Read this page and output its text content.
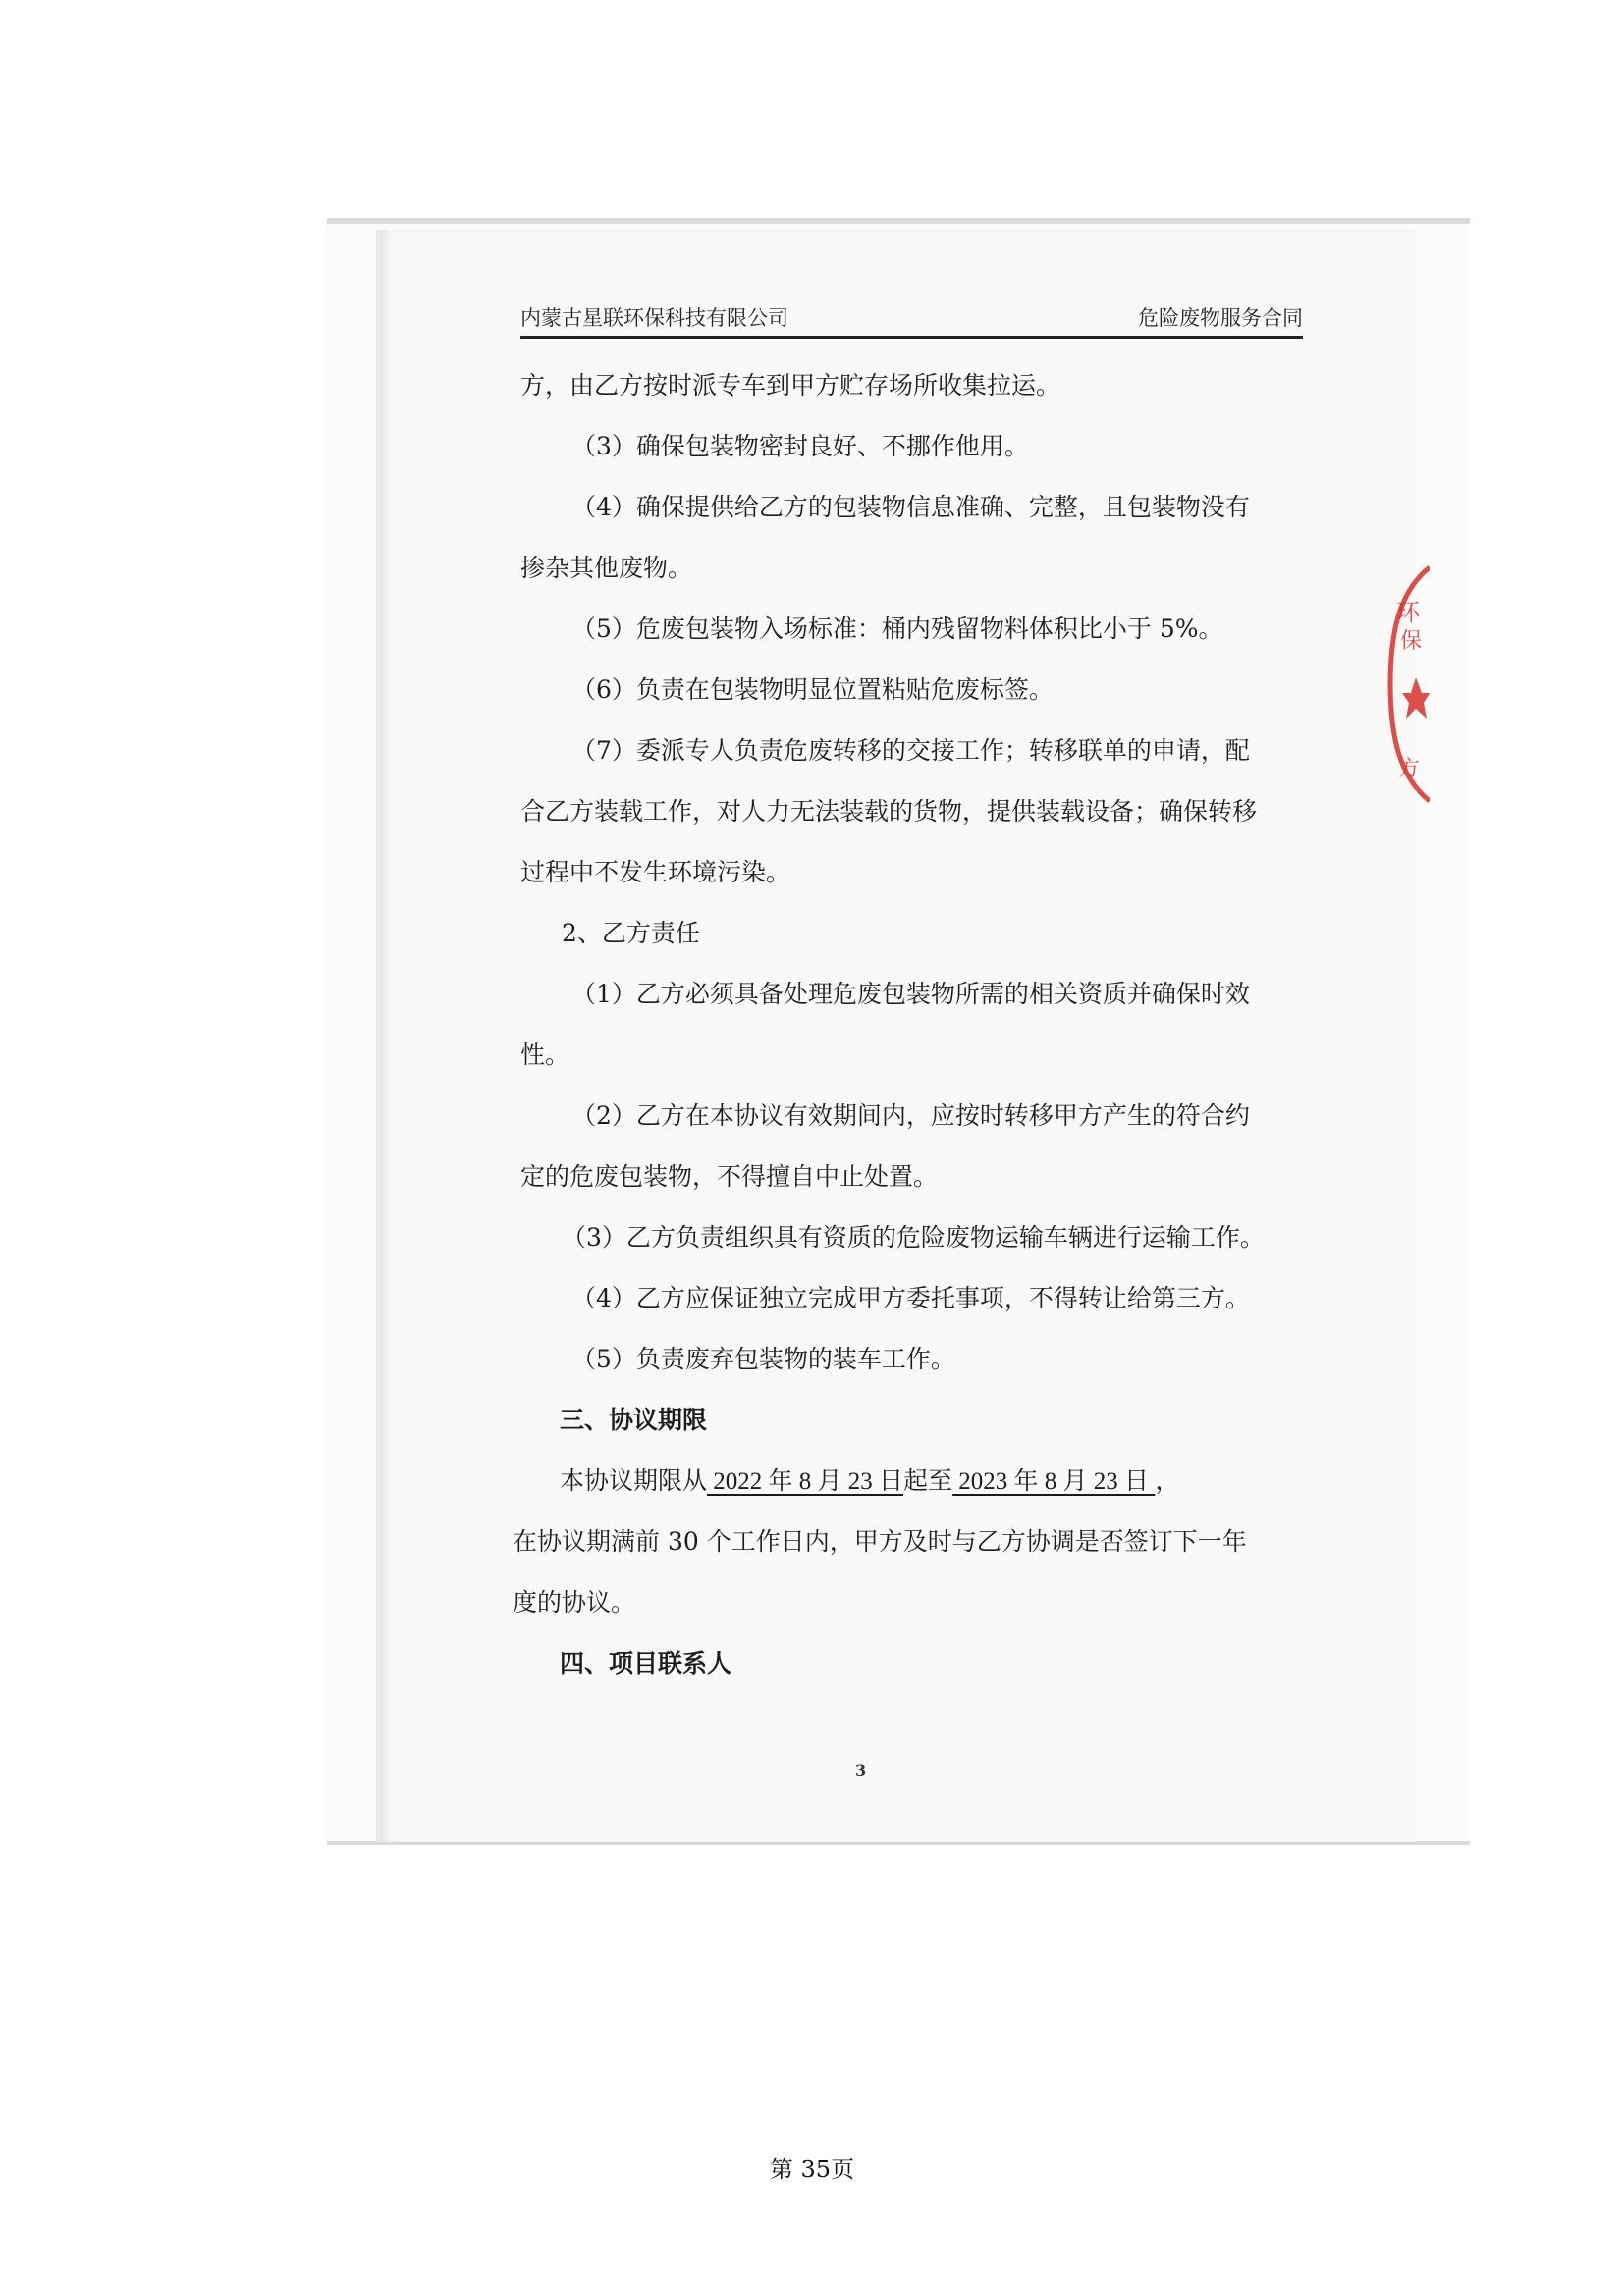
内蒙古星联环保科技有限公司	危险废物服务合同
方，由乙方按时派专车到甲方贮存场所收集拉运。
（3）确保包装物密封良好、不挪作他用。
（4）确保提供给乙方的包装物信息准确、完整，且包装物没有
掺杂其他废物。
（5）危废包装物入场标准：桶内残留物料体积比小于 5%。
（6）负责在包装物明显位置粘贴危废标签。
（7）委派专人负责危废转移的交接工作；转移联单的申请，配
合乙方装载工作，对人力无法装载的货物，提供装载设备；确保转移
过程中不发生环境污染。
2、乙方责任
（1）乙方必须具备处理危废包装物所需的相关资质并确保时效
性。
（2）乙方在本协议有效期间内，应按时转移甲方产生的符合约
定的危废包装物，不得擅自中止处置。
（3）乙方负责组织具有资质的危险废物运输车辆进行运输工作。
（4）乙方应保证独立完成甲方委托事项，不得转让给第三方。
（5）负责废弃包装物的装车工作。
三、协议期限
本协议期限从 2022 年 8 月 23 日起至 2023 年 8 月 23 日 ，
在协议期满前 30 个工作日内，甲方及时与乙方协调是否签订下一年
度的协议。
四、项目联系人
3
环
保
方
第 35页
